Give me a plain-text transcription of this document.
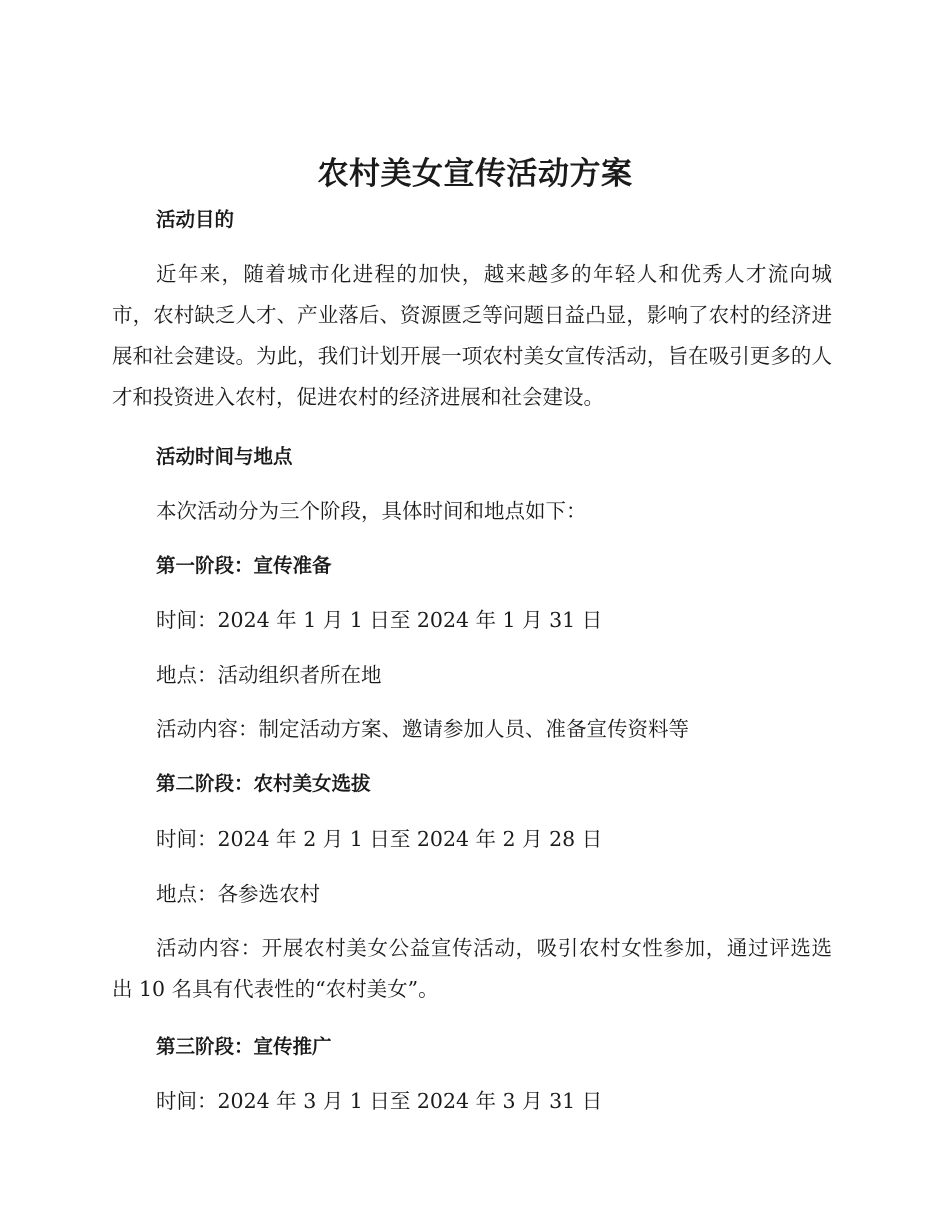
农村美女宣传活动方案
活动目的

近年来，随着城市化进程的加快，越来越多的年轻人和优秀人才流向城市，农村缺乏人才、产业落后、资源匮乏等问题日益凸显，影响了农村的经济进展和社会建设。为此，我们计划开展一项农村美女宣传活动，旨在吸引更多的人才和投资进入农村，促进农村的经济进展和社会建设。

活动时间与地点
本次活动分为三个阶段，具体时间和地点如下：
第一阶段：宣传准备
时间：2024 年 1 月 1 日至 2024 年 1 月 31 日
地点：活动组织者所在地
活动内容：制定活动方案、邀请参加人员、准备宣传资料等
第二阶段：农村美女选拔
时间：2024 年 2 月 1 日至 2024 年 2 月 28 日
地点：各参选农村

活动内容：开展农村美女公益宣传活动，吸引农村女性参加，通过评选选出 10 名具有代表性的“农村美女”。

第三阶段：宣传推广
时间：2024 年 3 月 1 日至 2024 年 3 月 31 日
